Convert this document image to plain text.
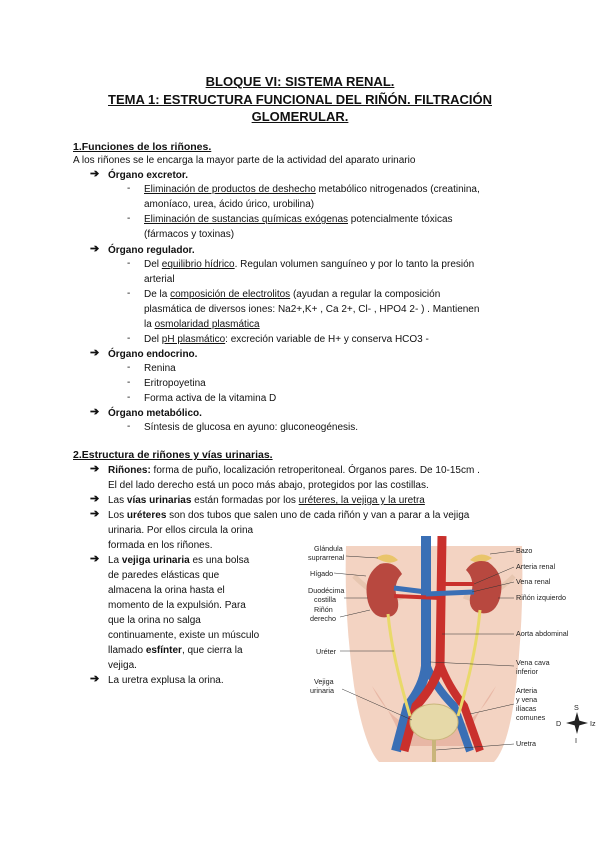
BLOQUE VI: SISTEMA RENAL.
TEMA 1: ESTRUCTURA FUNCIONAL DEL RIÑÓN. FILTRACIÓN
GLOMERULAR.
1.Funciones de los riñones.
A los riñones se le encarga la mayor parte de la actividad del aparato urinario
➔ Órgano excretor.
- Eliminación de productos de deshecho metabólico nitrogenados (creatinina,
amoníaco, urea, ácido úrico, urobilina)
- Eliminación de sustancias químicas exógenas potencialmente tóxicas
(fármacos y toxinas)
➔ Órgano regulador.
- Del equilibrio hídrico. Regulan volumen sanguíneo y por lo tanto la presión
arterial
- De la composición de electrolitos (ayudan a regular la composición
plasmática de diversos iones: Na2+,K+ , Ca 2+, Cl- , HPO4 2- ) . Mantienen
la osmolaridad plasmática
- Del pH plasmático: excreción variable de H+ y conserva HCO3 -
➔ Órgano endocrino.
- Renina
- Eritropoyetina
- Forma activa de la vitamina D
➔ Órgano metabólico.
- Síntesis de glucosa en ayuno: gluconeogénesis.
2.Estructura de riñones y vías urinarias.
➔ Riñones: forma de puño, localización retroperitoneal. Órganos pares. De 10-15cm .
El del lado derecho está un poco más abajo, protegidos por las costillas.
➔ Las vías urinarias están formadas por los uréteres, la vejiga y la uretra
➔ Los uréteres son dos tubos que salen uno de cada riñón y van a parar a la vejiga
urinaria. Por ellos circula la orina
formada en los riñones.
➔ La vejiga urinaria es una bolsa
de paredes elásticas que
almacena la orina hasta el
momento de la expulsión. Para
que la orina no salga
continuamente, existe un músculo
llamado esfínter, que cierra la
vejiga.
➔ La uretra explusa la orina.
Glándula
suprarrenal
Hígado
Duodécima
costilla
Riñón
derecho
Uréter
Vejiga
urinaria
Bazo
Arteria renal
Vena renal
Riñón izquierdo
Aorta abdominal
Vena cava
inferior
Arteria
y vena
ilíacas
comunes
Uretra
S
D	Iz
I
